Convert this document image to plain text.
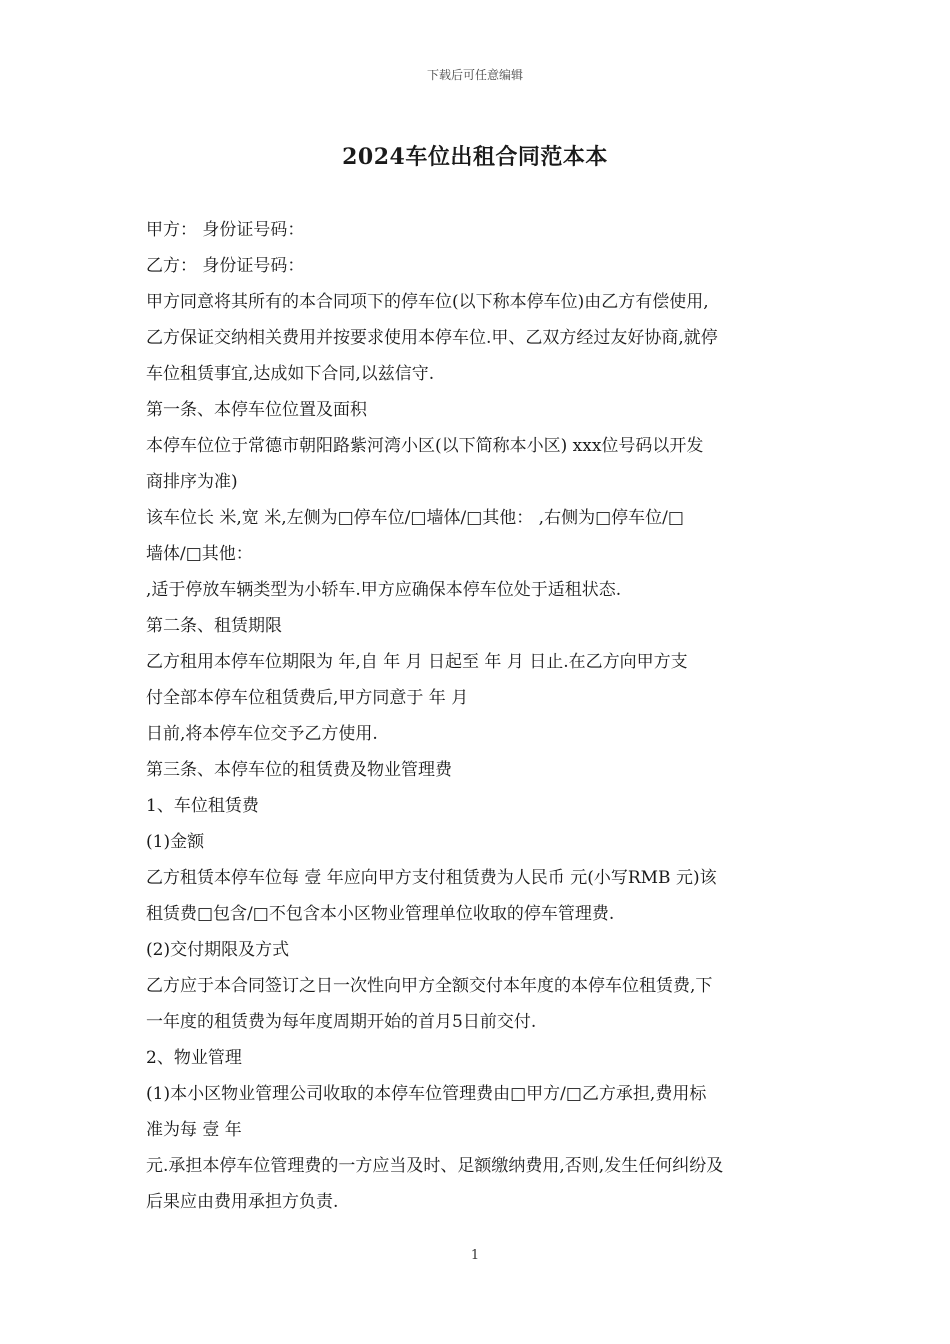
下载后可任意编辑
2024车位出租合同范本本
甲方： 身份证号码：
乙方： 身份证号码：
甲方同意将其所有的本合同项下的停车位(以下称本停车位)由乙方有偿使用,
乙方保证交纳相关费用并按要求使用本停车位.甲、乙双方经过友好协商,就停
车位租赁事宜,达成如下合同,以兹信守.
第一条、本停车位位置及面积
本停车位位于常德市朝阳路紫河湾小区(以下简称本小区) xxx位号码以开发
商排序为准)
该车位长 米,宽 米,左侧为□停车位/□墙体/□其他： ,右侧为□停车位/□
墙体/□其他：
,适于停放车辆类型为小轿车.甲方应确保本停车位处于适租状态.
第二条、租赁期限
乙方租用本停车位期限为 年,自 年 月 日起至 年 月 日止.在乙方向甲方支
付全部本停车位租赁费后,甲方同意于 年 月
日前,将本停车位交予乙方使用.
第三条、本停车位的租赁费及物业管理费
1、车位租赁费
(1)金额
乙方租赁本停车位每 壹 年应向甲方支付租赁费为人民币 元(小写RMB 元)该
租赁费□包含/□不包含本小区物业管理单位收取的停车管理费.
(2)交付期限及方式
乙方应于本合同签订之日一次性向甲方全额交付本年度的本停车位租赁费,下
一年度的租赁费为每年度周期开始的首月5日前交付.
2、物业管理
(1)本小区物业管理公司收取的本停车位管理费由□甲方/□乙方承担,费用标
准为每 壹 年
元.承担本停车位管理费的一方应当及时、足额缴纳费用,否则,发生任何纠纷及
后果应由费用承担方负责.
1
